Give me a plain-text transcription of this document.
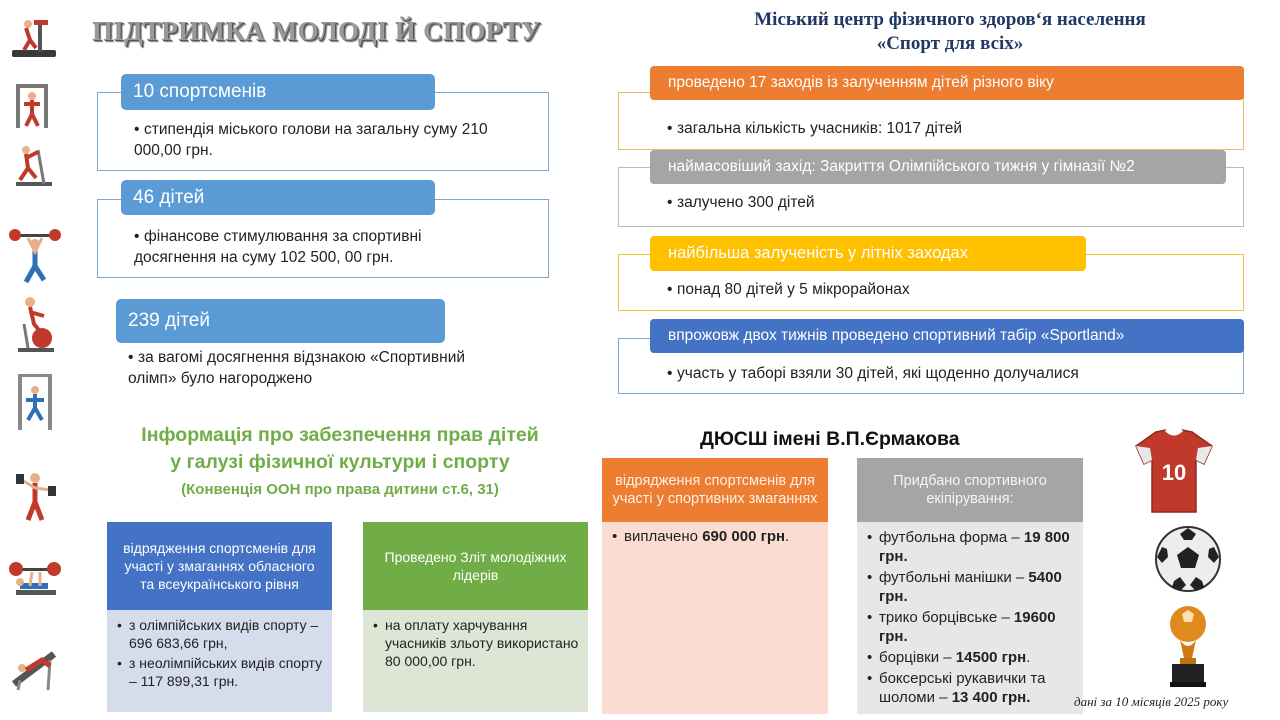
ПІДТРИМКА МОЛОДІ Й СПОРТУ
• стипендія міського голови на загальну суму 210 000,00 грн.
10 спортсменів
• фінансове стимулювання за спортивні досягнення на суму 102 500, 00 грн.
46 дітей
239 дітей
• за вагомі досягнення відзнакою «Спортивний олімп» було нагороджено
Міський центр фізичного здоров‘я населення
«Спорт для всіх»
• загальна кількість учасників: 1017 дітей
проведено 17 заходів із залученням дітей різного віку
• залучено 300 дітей
наймасовіший захід: Закриття Олімпійського тижня у гімназії №2
• понад 80 дітей у 5 мікрорайонах
найбільша залученість у літніх заходах
• участь у таборі взяли 30 дітей, які щоденно долучалися
впрожовж двох тижнів проведено спортивний табір «Sportland»
Інформація про забезпечення прав дітей
у галузі фізичної культури і спорту
(Конвенція ООН про права дитини ст.6, 31)
відрядження спортсменів для участі у змаганнях обласного та всеукраїнського рівня
• з олімпійських видів спорту – 696 683,66 грн,
• з неолімпійських видів спорту – 117 899,31 грн.
Проведено Зліт молодіжних лідерів
• на оплату харчування учасників зльоту використано 80 000,00 грн.
ДЮСШ імені В.П.Єрмакова
відрядження спортсменів для участі у спортивних змаганнях
• виплачено 690 000 грн.
Придбано спортивного екіпірування:
• футбольна форма – 19 800 грн.
• футбольні манішки – 5400 грн.
• трико борцівське – 19600 грн.
• борцівки – 14500 грн.
• боксерські рукавички та шоломи – 13 400 грн.
10
дані за 10 місяців 2025 року
